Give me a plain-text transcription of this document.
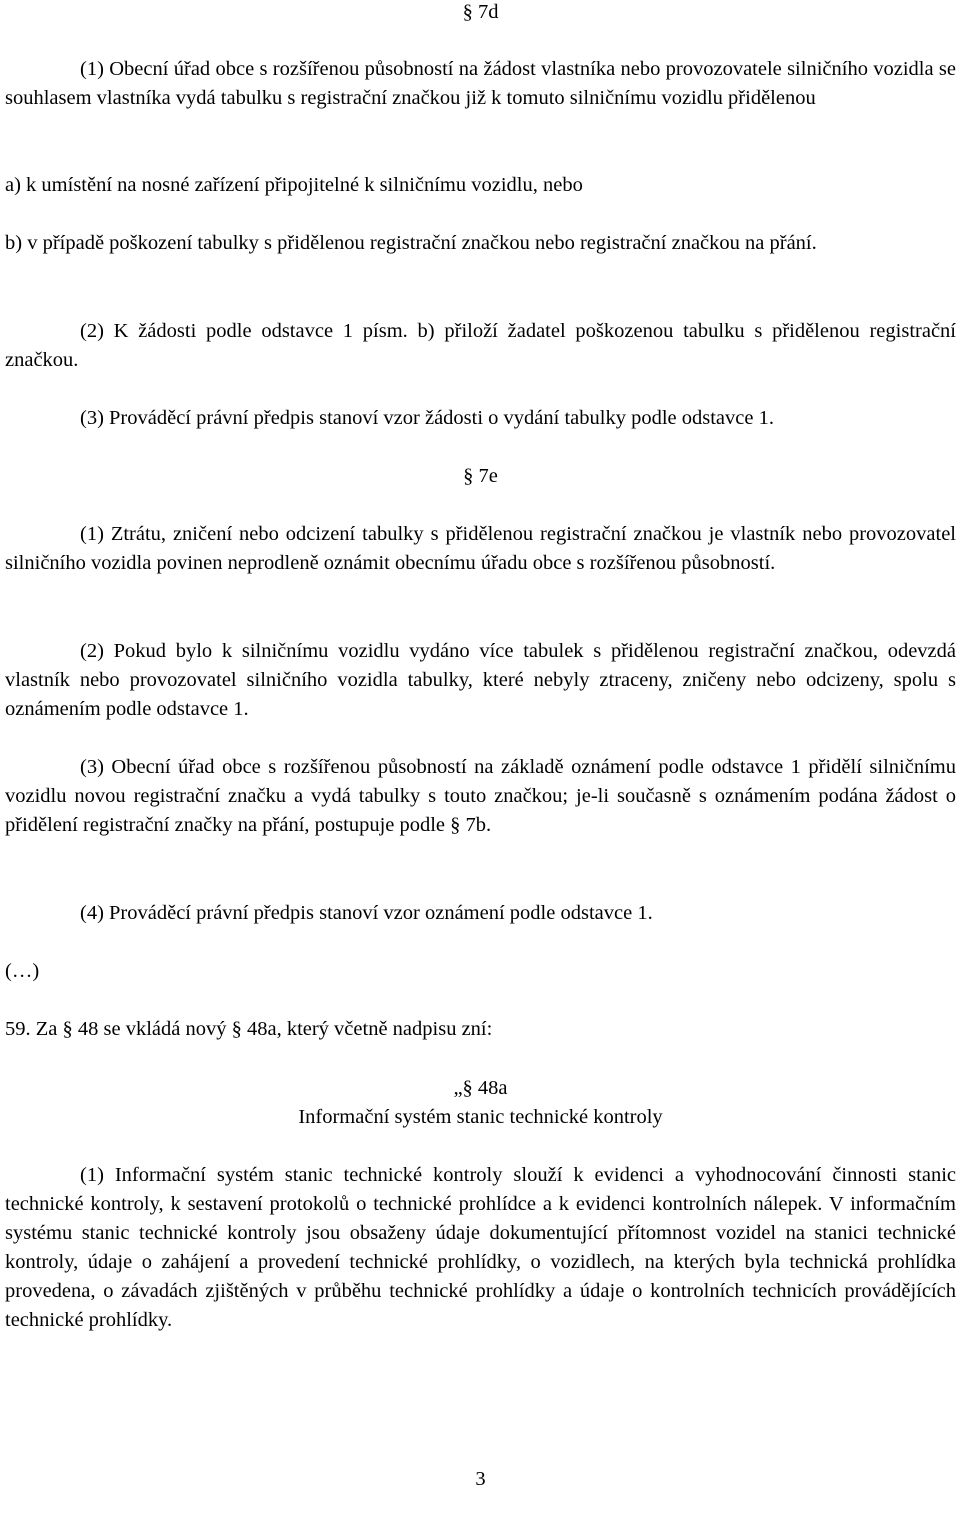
§ 7d

(1) Obecní úřad obce s rozšířenou působností na žádost vlastníka nebo provozovatele silničního vozidla se souhlasem vlastníka vydá tabulku s registrační značkou již k tomuto silničnímu vozidlu přidělenou

a) k umístění na nosné zařízení připojitelné k silničnímu vozidlu, nebo

b) v případě poškození tabulky s přidělenou registrační značkou nebo registrační značkou na přání.

(2) K žádosti podle odstavce 1 písm. b) přiloží žadatel poškozenou tabulku s přidělenou registrační značkou.

(3) Prováděcí právní předpis stanoví vzor žádosti o vydání tabulky podle odstavce 1.

§ 7e

(1) Ztrátu, zničení nebo odcizení tabulky s přidělenou registrační značkou je vlastník nebo provozovatel silničního vozidla povinen neprodleně oznámit obecnímu úřadu obce s rozšířenou působností.

(2) Pokud bylo k silničnímu vozidlu vydáno více tabulek s přidělenou registrační značkou, odevzdá vlastník nebo provozovatel silničního vozidla tabulky, které nebyly ztraceny, zničeny nebo odcizeny, spolu s oznámením podle odstavce 1.

(3) Obecní úřad obce s rozšířenou působností na základě oznámení podle odstavce 1 přidělí silničnímu vozidlu novou registrační značku a vydá tabulky s touto značkou; je-li současně s oznámením podána žádost o přidělení registrační značky na přání, postupuje podle § 7b.

(4) Prováděcí právní předpis stanoví vzor oznámení podle odstavce 1.

(…)

59. Za § 48 se vkládá nový § 48a, který včetně nadpisu zní:

„§ 48a
Informační systém stanic technické kontroly

(1) Informační systém stanic technické kontroly slouží k evidenci a vyhodnocování činnosti stanic technické kontroly, k sestavení protokolů o technické prohlídce a k evidenci kontrolních nálepek. V informačním systému stanic technické kontroly jsou obsaženy údaje dokumentující přítomnost vozidel na stanici technické kontroly, údaje o zahájení a provedení technické prohlídky, o vozidlech, na kterých byla technická prohlídka provedena, o závadách zjištěných v průběhu technické prohlídky a údaje o kontrolních technicích provádějících technické prohlídky.

3
